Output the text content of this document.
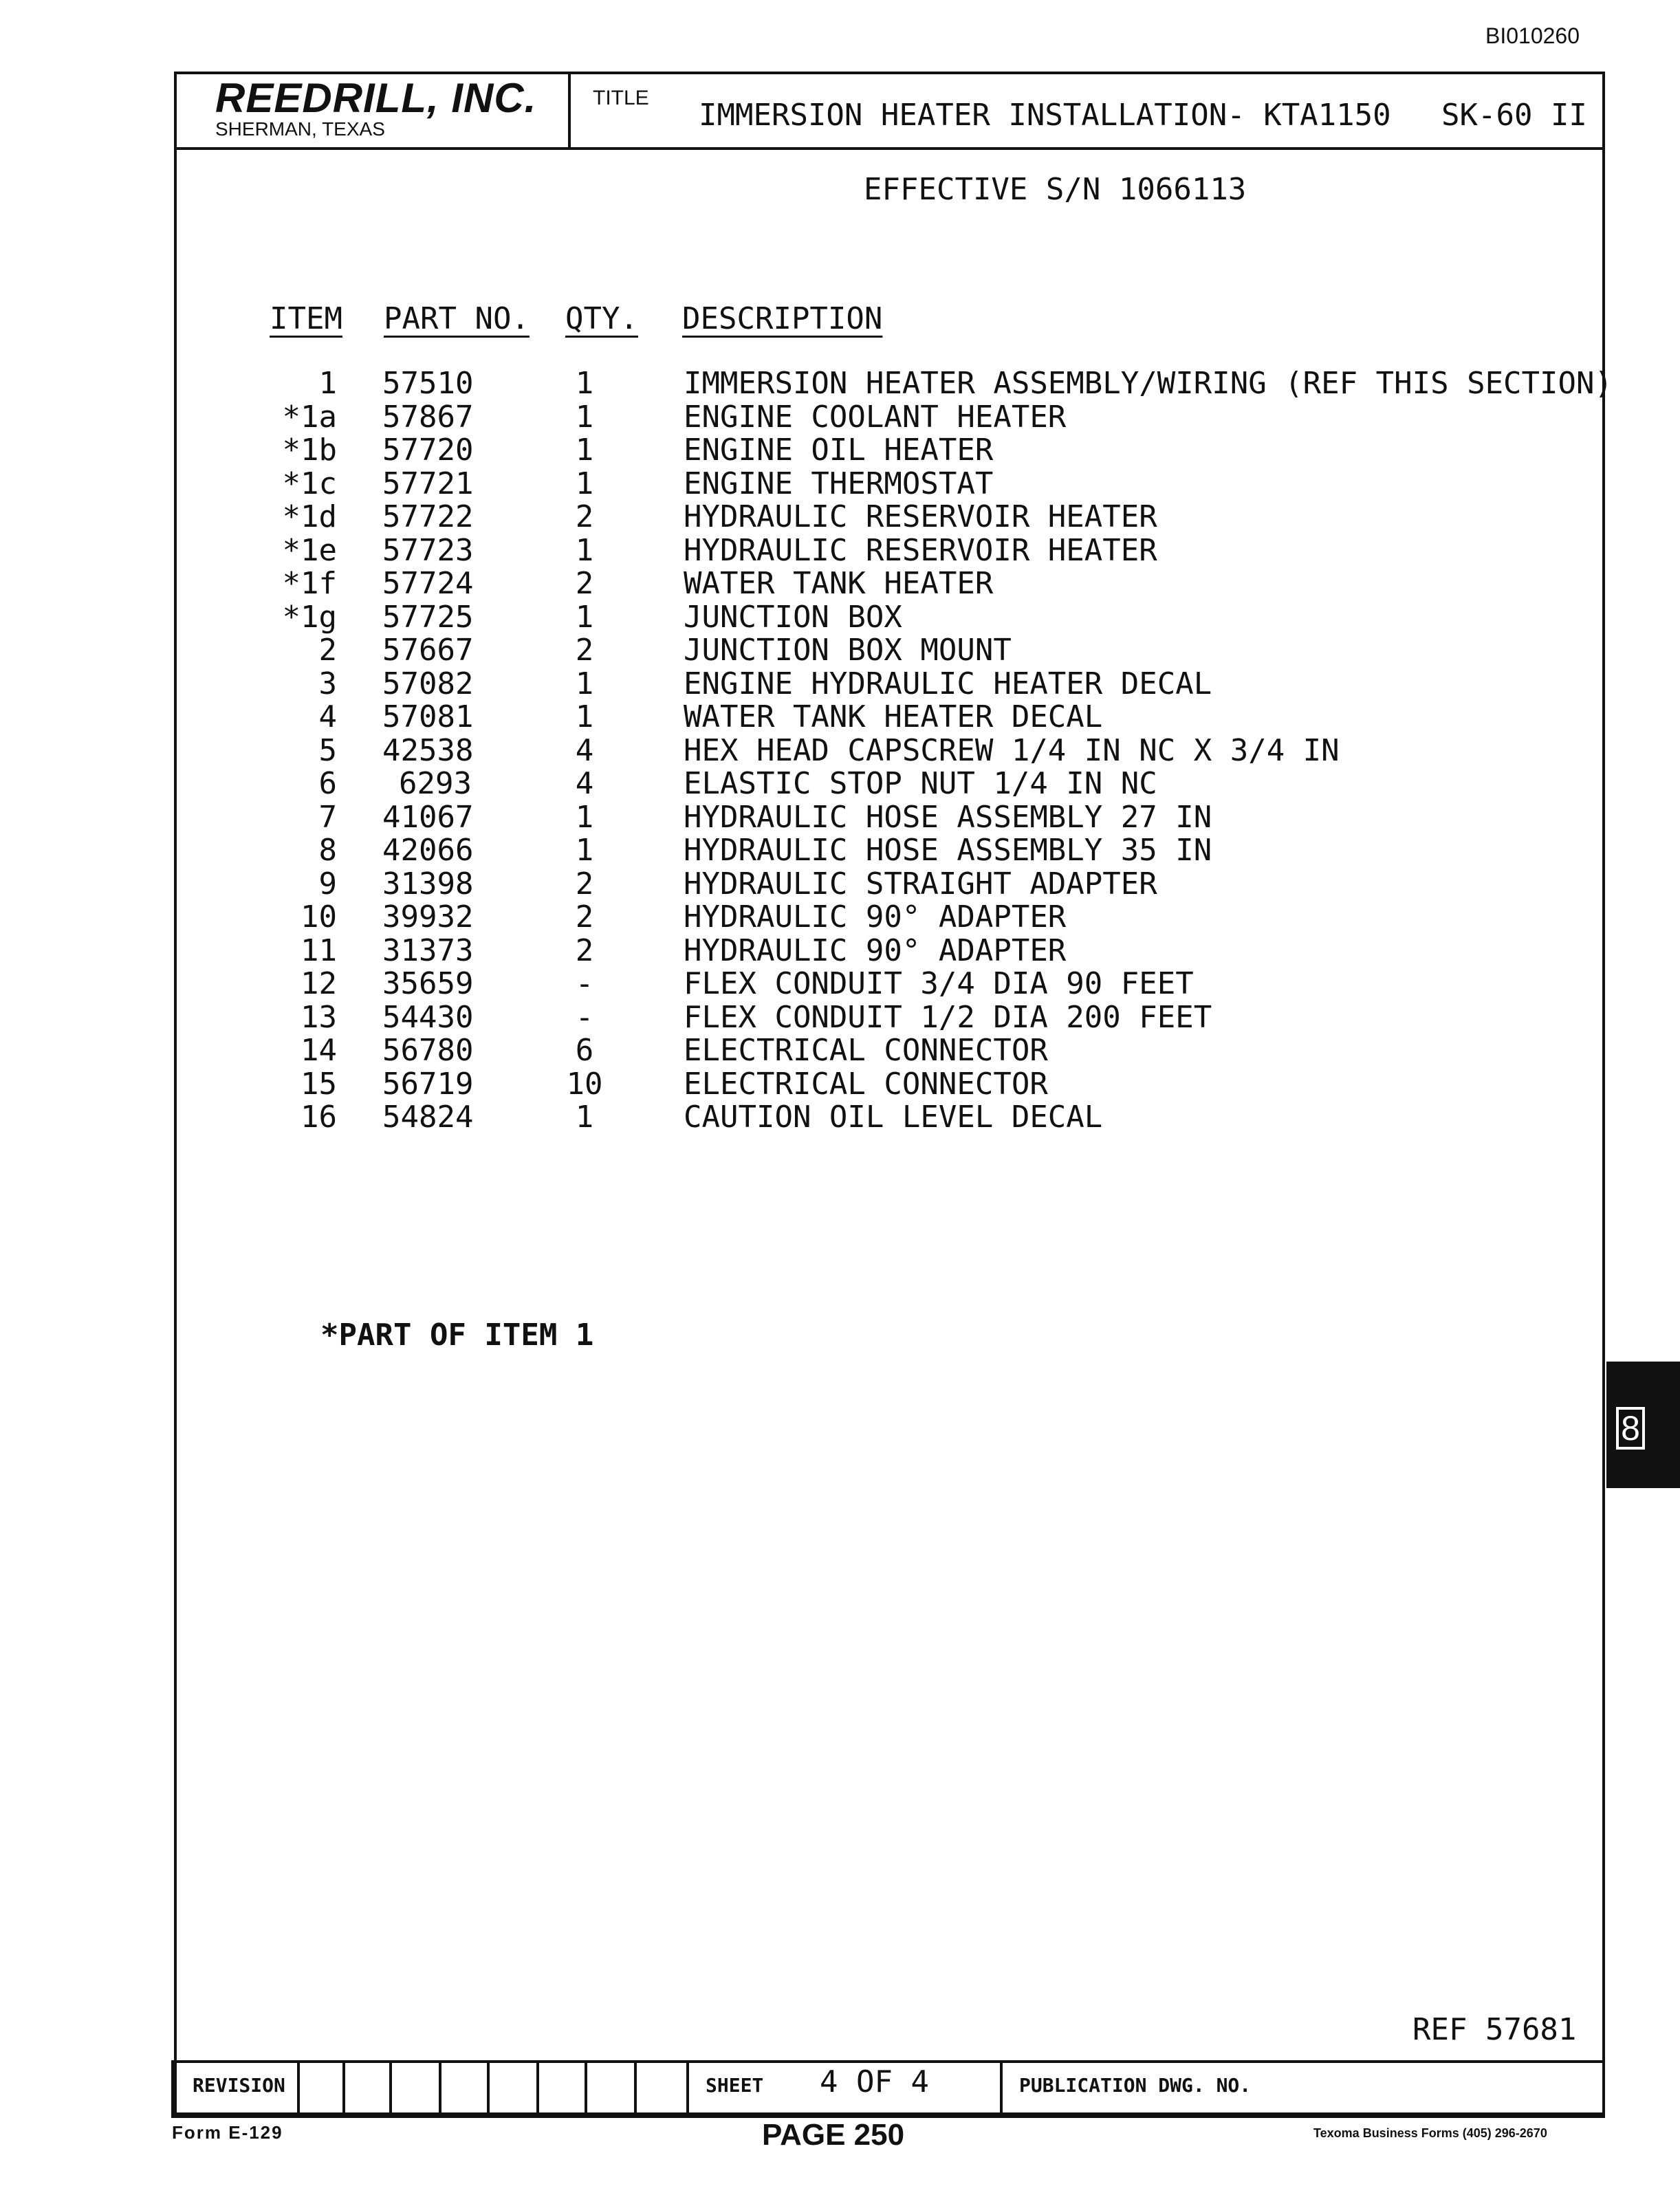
BI010260
REEDRILL, INC.
SHERMAN, TEXAS
TITLE IMMERSION HEATER INSTALLATION- KTA1150 SK-60 II
EFFECTIVE S/N 1066113
ITEM PART NO. QTY. DESCRIPTION
1 57510	1	IMMERSION HEATER ASSEMBLY/WIRING (REF THIS SECTION)
*1a 57867	1	ENGINE COOLANT HEATER
*1b 57720	1	ENGINE OIL HEATER
*1c 57721	1	ENGINE THERMOSTAT
*1d 57722	2	HYDRAULIC RESERVOIR HEATER
*1e 57723	1	HYDRAULIC RESERVOIR HEATER
*1f 57724	2	WATER TANK HEATER
*1g 57725	1	JUNCTION BOX
2 57667	2	JUNCTION BOX MOUNT
3 57082	1	ENGINE HYDRAULIC HEATER DECAL
4 57081	1	WATER TANK HEATER DECAL
5 42538	4	HEX HEAD CAPSCREW 1/4 IN NC X 3/4 IN
6	6293	4	ELASTIC STOP NUT 1/4 IN NC
7 41067	1	HYDRAULIC HOSE ASSEMBLY 27 IN
8 42066	1	HYDRAULIC HOSE ASSEMBLY 35 IN
9 31398	2	HYDRAULIC STRAIGHT ADAPTER
10 39932	2	HYDRAULIC 90° ADAPTER
11 31373	2	HYDRAULIC 90° ADAPTER
12 35659	-	FLEX CONDUIT 3/4 DIA 90 FEET
13 54430	-	FLEX CONDUIT 1/2 DIA 200 FEET
14 56780	6	ELECTRICAL CONNECTOR
15 56719	10	ELECTRICAL CONNECTOR
16 54824	1	CAUTION OIL LEVEL DECAL
*PART OF ITEM 1
8
REF 57681
REVISION	SHEET 4 OF 4	PUBLICATION DWG. NO.
Form E-129	PAGE 250	Texoma Business Forms (405) 296-2670
